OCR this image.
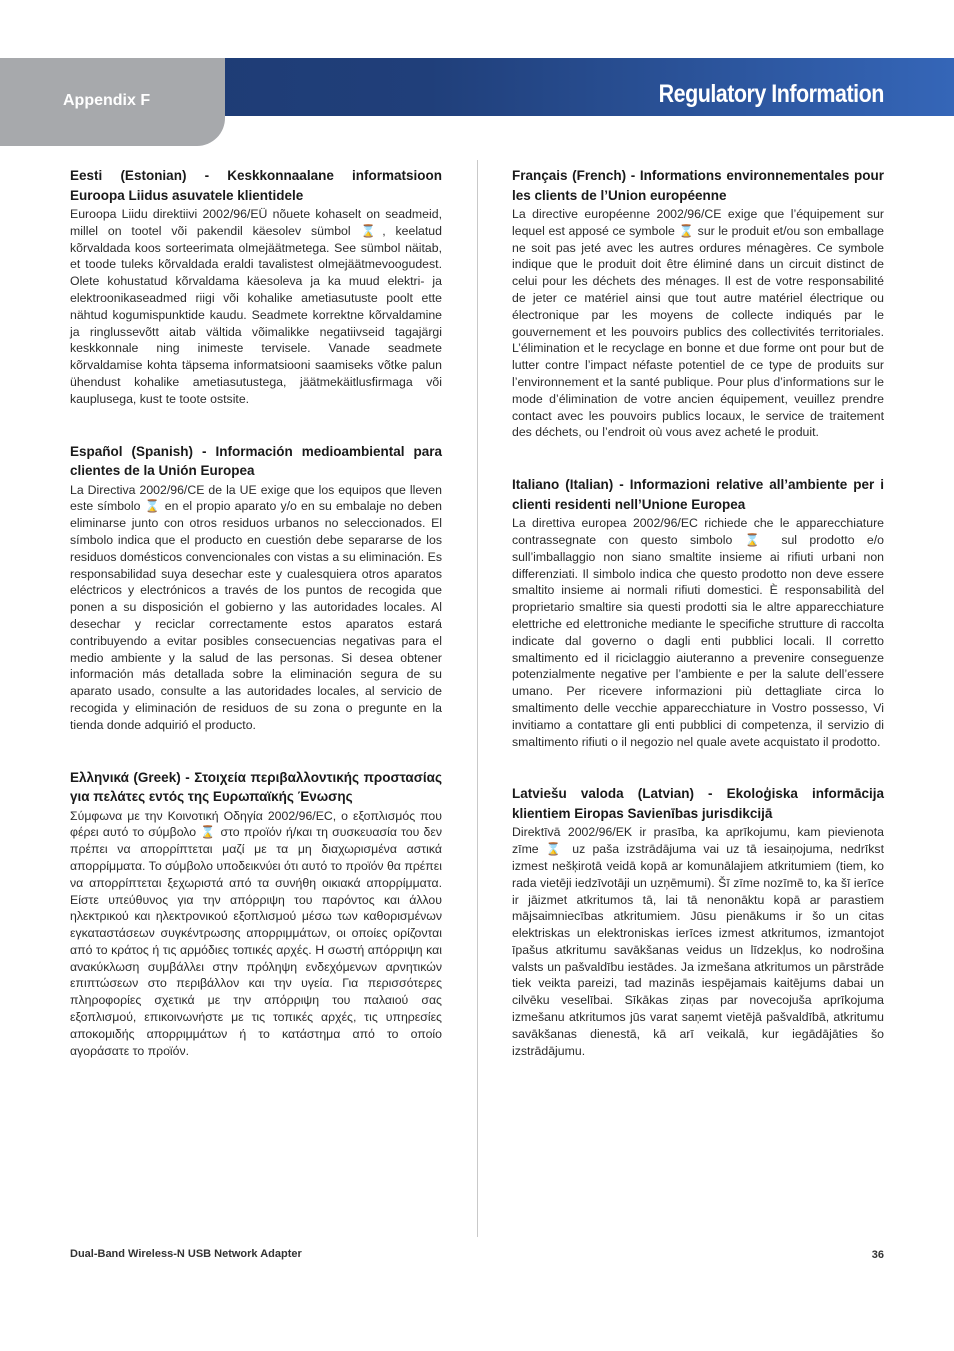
Appendix F	Regulatory Information
Eesti (Estonian) - Keskkonnaalane informatsioon Euroopa Liidus asuvatele klientidele

Euroopa Liidu direktiivi 2002/96/EÜ nõuete kohaselt on seadmeid, millel on tootel või pakendil käesolev sümbol ⌛, keelatud kõrvaldada koos sorteerimata olmejäätmetega. See sümbol näitab, et toode tuleks kõrvaldada eraldi tavalistest olmejäätmevoogudest. Olete kohustatud kõrvaldama käesoleva ja ka muud elektri- ja elektroonikaseadmed riigi või kohalike ametiasutuste poolt ette nähtud kogumispunktide kaudu. Seadmete korrektne kõrvaldamine ja ringlussevõtt aitab vältida võimalikke negatiivseid tagajärgi keskkonnale ning inimeste tervisele. Vanade seadmete kõrvaldamise kohta täpsema informatsiooni saamiseks võtke palun ühendust kohalike ametiasutustega, jäätmekäitlusfirmaga või kauplusega, kust te toote ostsite.

Español (Spanish) - Información medioambiental para clientes de la Unión Europea

La Directiva 2002/96/CE de la UE exige que los equipos que lleven este símbolo ⌛ en el propio aparato y/o en su embalaje no deben eliminarse junto con otros residuos urbanos no seleccionados. El símbolo indica que el producto en cuestión debe separarse de los residuos domésticos convencionales con vistas a su eliminación. Es responsabilidad suya desechar este y cualesquiera otros aparatos eléctricos y electrónicos a través de los puntos de recogida que ponen a su disposición el gobierno y las autoridades locales. Al desechar y reciclar correctamente estos aparatos estará contribuyendo a evitar posibles consecuencias negativas para el medio ambiente y la salud de las personas. Si desea obtener información más detallada sobre la eliminación segura de su aparato usado, consulte a las autoridades locales, al servicio de recogida y eliminación de residuos de su zona o pregunte en la tienda donde adquirió el producto.

Ελληνικά (Greek) - Στοιχεία περιβαλλοντικής προστασίας για πελάτες εντός της Ευρωπαϊκής Ένωσης

Σύμφωνα με την Κοινοτική Οδηγία 2002/96/EC, ο εξοπλισμός που φέρει αυτό το σύμβολο ⌛ στο προϊόν ή/και τη συσκευασία του δεν πρέπει να απορρίπτεται μαζί με τα μη διαχωρισμένα αστικά απορρίμματα. Το σύμβολο υποδεικνύει ότι αυτό το προϊόν θα πρέπει να απορρίπτεται ξεχωριστά από τα συνήθη οικιακά απορρίμματα. Είστε υπεύθυνος για την απόρριψη του παρόντος και άλλου ηλεκτρικού και ηλεκτρονικού εξοπλισμού μέσω των καθορισμένων εγκαταστάσεων συγκέντρωσης απορριμμάτων, οι οποίες ορίζονται από το κράτος ή τις αρμόδιες τοπικές αρχές. Η σωστή απόρριψη και ανακύκλωση συμβάλλει στην πρόληψη ενδεχόμενων αρνητικών επιπτώσεων στο περιβάλλον και την υγεία. Για περισσότερες πληροφορίες σχετικά με την απόρριψη του παλαιού σας εξοπλισμού, επικοινωνήστε με τις τοπικές αρχές, τις υπηρεσίες αποκομιδής απορριμμάτων ή το κατάστημα από το οποίο αγοράσατε το προϊόν.

Français (French) - Informations environnementales pour les clients de l’Union européenne

La directive européenne 2002/96/CE exige que l’équipement sur lequel est apposé ce symbole ⌛ sur le produit et/ou son emballage ne soit pas jeté avec les autres ordures ménagères. Ce symbole indique que le produit doit être éliminé dans un circuit distinct de celui pour les déchets des ménages. Il est de votre responsabilité de jeter ce matériel ainsi que tout autre matériel électrique ou électronique par les moyens de collecte indiqués par le gouvernement et les pouvoirs publics des collectivités territoriales. L’élimination et le recyclage en bonne et due forme ont pour but de lutter contre l’impact néfaste potentiel de ce type de produits sur l’environnement et la santé publique. Pour plus d’informations sur le mode d’élimination de votre ancien équipement, veuillez prendre contact avec les pouvoirs publics locaux, le service de traitement des déchets, ou l’endroit où vous avez acheté le produit.

Italiano (Italian) - Informazioni relative all’ambiente per i clienti residenti nell’Unione Europea

La direttiva europea 2002/96/EC richiede che le apparecchiature contrassegnate con questo simbolo ⌛ sul prodotto e/o sull’imballaggio non siano smaltite insieme ai rifiuti urbani non differenziati. Il simbolo indica che questo prodotto non deve essere smaltito insieme ai normali rifiuti domestici. È responsabilità del proprietario smaltire sia questi prodotti sia le altre apparecchiature elettriche ed elettroniche mediante le specifiche strutture di raccolta indicate dal governo o dagli enti pubblici locali. Il corretto smaltimento ed il riciclaggio aiuteranno a prevenire conseguenze potenzialmente negative per l’ambiente e per la salute dell’essere umano. Per ricevere informazioni più dettagliate circa lo smaltimento delle vecchie apparecchiature in Vostro possesso, Vi invitiamo a contattare gli enti pubblici di competenza, il servizio di smaltimento rifiuti o il negozio nel quale avete acquistato il prodotto.

Latviešu valoda (Latvian) - Ekoloģiska informācija klientiem Eiropas Savienības jurisdikcijā

Direktīvā 2002/96/EK ir prasība, ka aprīkojumu, kam pievienota zīme ⌛ uz paša izstrādājuma vai uz tā iesaiņojuma, nedrīkst izmest nešķirotā veidā kopā ar komunālajiem atkritumiem (tiem, ko rada vietēji iedzīvotāji un uzņēmumi). Šī zīme nozīmē to, ka šī ierīce ir jāizmet atkritumos tā, lai tā nenonāktu kopā ar parastiem mājsaimniecības atkritumiem. Jūsu pienākums ir šo un citas elektriskas un elektroniskas ierīces izmest atkritumos, izmantojot īpašus atkritumu savākšanas veidus un līdzekļus, ko nodrošina valsts un pašvaldību iestādes. Ja izmešana atkritumos un pārstrāde tiek veikta pareizi, tad mazinās iespējamais kaitējums dabai un cilvēku veselībai. Sīkākas ziņas par novecojuša aprīkojuma izmešanu atkritumos jūs varat saņemt vietējā pašvaldībā, atkritumu savākšanas dienestā, kā arī veikalā, kur iegādājāties šo izstrādājumu.

Dual-Band Wireless-N USB Network Adapter	36
